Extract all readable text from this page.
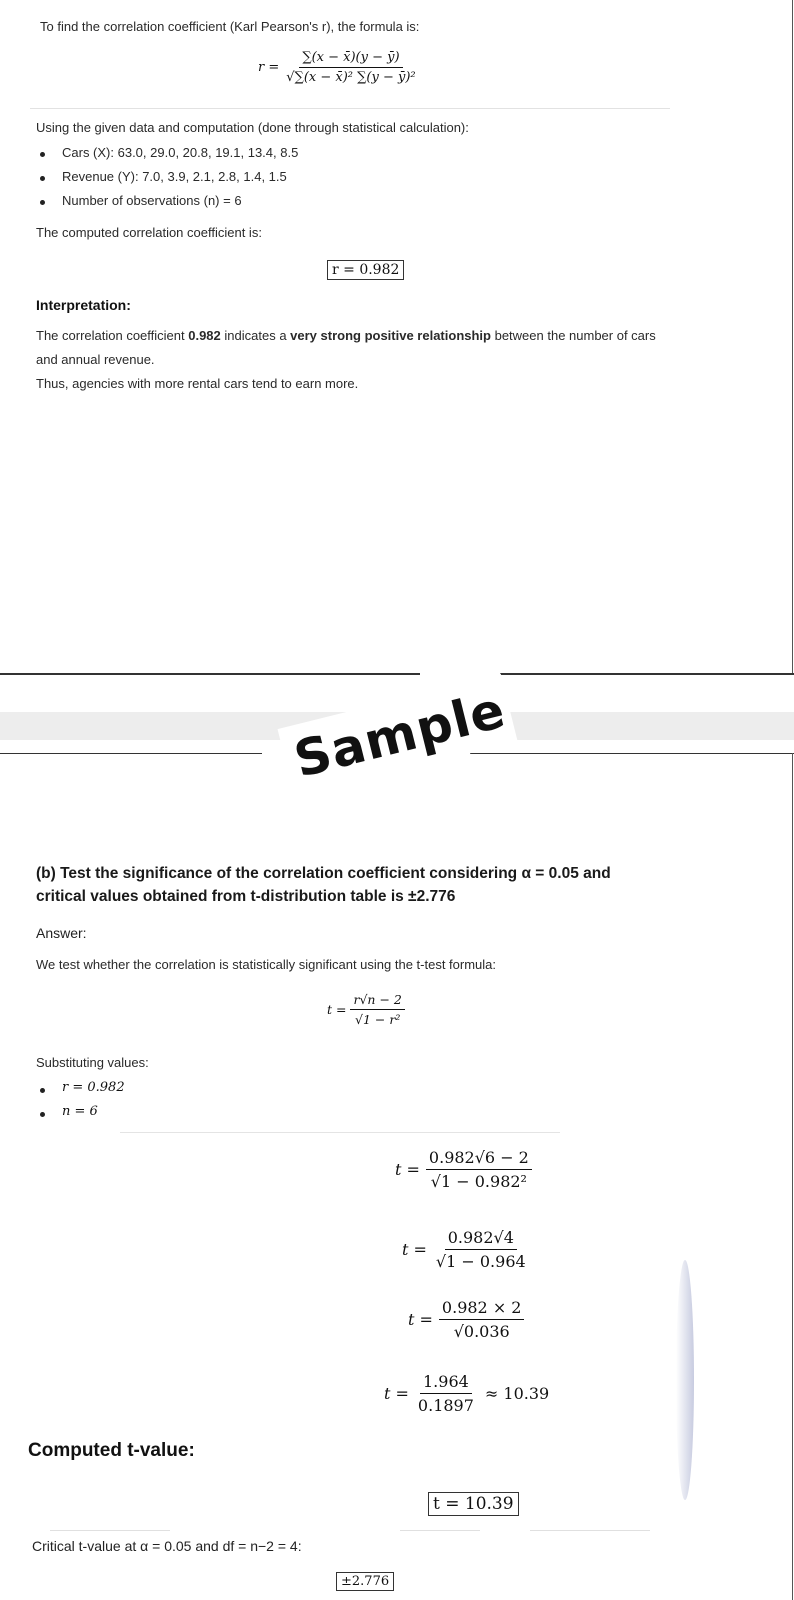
To find the correlation coefficient (Karl Pearson's r), the formula is:
$r = \frac{\sum(x - x̄)(y - ȳ)}{\text{√∑(x − x̄)² ∑(y − ȳ)²}}$
Using the given data and computation (done through statistical calculation):
Cars (X): 63.0, 29.0, 20.8, 19.1, 13.4, 8.5
Revenue (Y): 7.0, 3.9, 2.1, 2.8, 1.4, 1.5
Number of observations (n) = 6
The computed correlation coefficient is:
r = 0.982
Interpretation:
The correlation coefficient 0.982 indicates a very strong positive relationship between the number of cars
and annual revenue.
Thus, agencies with more rental cars tend to earn more.
Sample
(b) Test the significance of the correlation coefficient considering α = 0.05 and
critical values obtained from t-distribution table is ±2.776
Answer:
We test whether the correlation is statistically significant using the t-test formula:
$t = \frac{r√n - 2}{\text{√1 − r²}}$
Substituting values:
r = 0.982
n = 6
$t = \frac{0.982√6 - 2}{\text{√1 − 0.982²}}$
$t = \frac{0.982√4}{√1 - 0.964}$
$t = \frac{0.982 \times 2}{√0.036}$
$t = \frac{1.964}{0.1897} \approx 10.39$
Computed t-value:
t = 10.39
Critical t-value at α = 0.05 and df = n−2 = 4:
±2.776
